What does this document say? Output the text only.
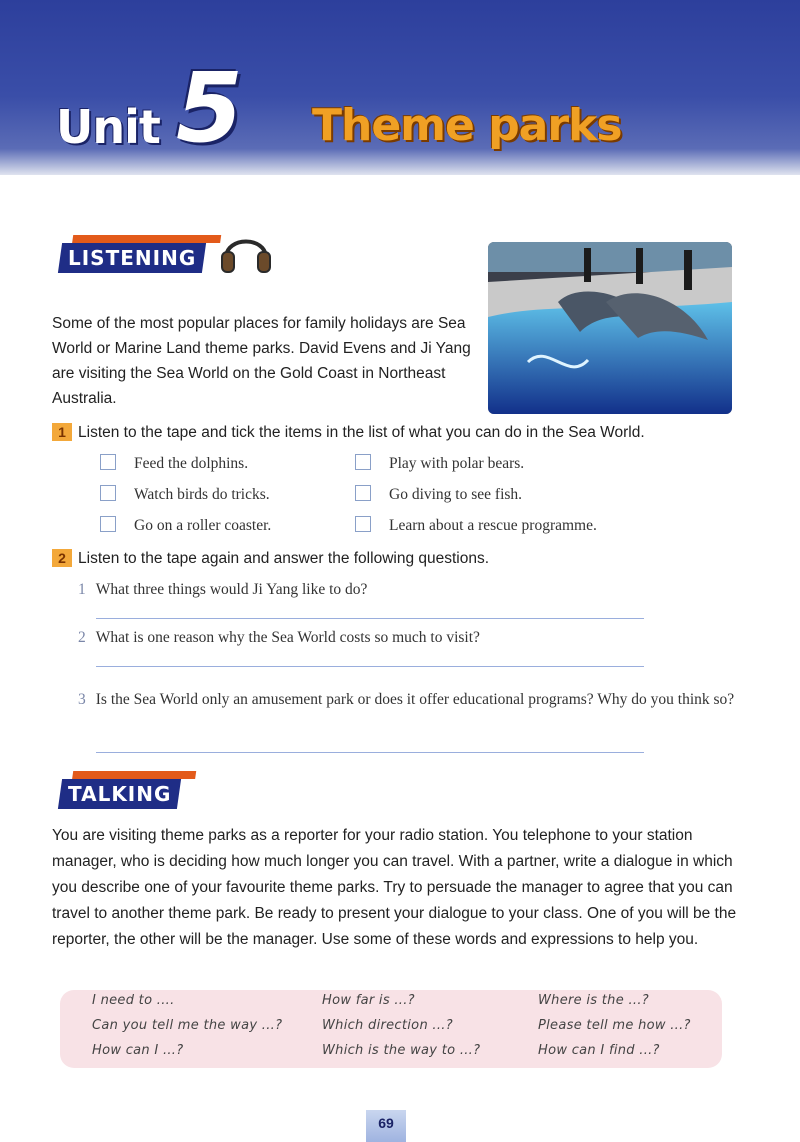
Unit 5 Theme parks
LISTENING
Some of the most popular places for family holidays are Sea World or Marine Land theme parks. David Evens and Ji Yang are visiting the Sea World on the Gold Coast in Northeast Australia.
1 Listen to the tape and tick the items in the list of what you can do in the Sea World.
Feed the dolphins.	Play with polar bears.
Watch birds do tricks.	Go diving to see fish.
Go on a roller coaster.	Learn about a rescue programme.
2 Listen to the tape again and answer the following questions.
1 What three things would Ji Yang like to do?
2 What is one reason why the Sea World costs so much to visit?
3 Is the Sea World only an amusement park or does it offer educational programs? Why do you think so?
TALKING
You are visiting theme parks as a reporter for your radio station. You telephone to your station manager, who is deciding how much longer you can travel. With a partner, write a dialogue in which you describe one of your favourite theme parks. Try to persuade the manager to agree that you can travel to another theme park. Be ready to present your dialogue to your class. One of you will be the reporter, the other will be the manager. Use some of these words and expressions to help you.
I need to ....	How far is ...?	Where is the ...?
Can you tell me the way ...?	Which direction ...?	Please tell me how ...?
How can I ...?	Which is the way to ...?	How can I find ...?
69
